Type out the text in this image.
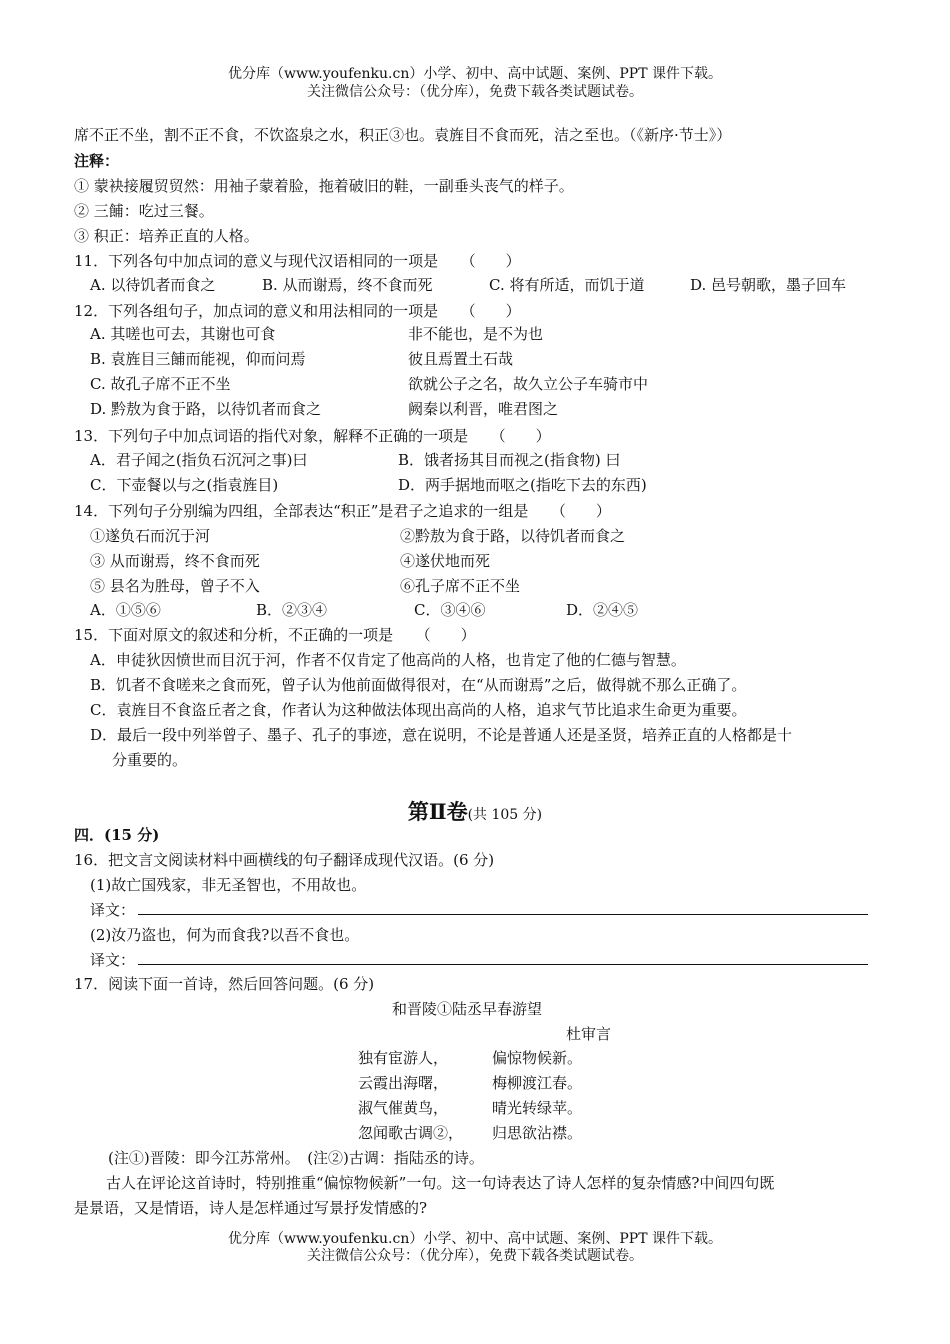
优分库（www.youfenku.cn）小学、初中、高中试题、案例、PPT 课件下载。
关注微信公众号：（优分库），免费下载各类试题试卷。
席不正不坐，割不正不食，不饮盗泉之水，积正③也。袁旌目不食而死，洁之至也。（《新序·节士》）
注释：
① 蒙袂接履贸贸然：用袖子蒙着脸，拖着破旧的鞋，一副垂头丧气的样子。
② 三餔：吃过三餐。
③ 积正：培养正直的人格。
11．下列各句中加点词的意义与现代汉语相同的一项是　　（　　）
A. 以待饥者而食之	B. 从而谢焉，终不食而死	C. 将有所适，而饥于道	D. 邑号朝歌，墨子回车
12．下列各组句子，加点词的意义和用法相同的一项是　　（　　）
A. 其嗟也可去，其谢也可食	非不能也，是不为也
B. 袁旌目三餔而能视，仰而问焉	彼且焉置土石哉
C. 故孔子席不正不坐	欲就公子之名，故久立公子车骑市中
D. 黔敖为食于路，以待饥者而食之	阙秦以利晋，唯君图之
13．下列句子中加点词语的指代对象，解释不正确的一项是　　（　　）
A．君子闻之(指负石沉河之事)曰	B．饿者扬其目而视之(指食物) 曰
C．下壶餐以与之(指袁旌目)	D．两手据地而呕之(指吃下去的东西)
14．下列句子分别编为四组，全部表达“积正”是君子之追求的一组是　　（　　）
①遂负石而沉于河	②黔敖为食于路，以待饥者而食之
③ 从而谢焉，终不食而死	④遂伏地而死
⑤ 县名为胜母，曾子不入	⑥孔子席不正不坐
A．①⑤⑥	B．②③④	C．③④⑥	D．②④⑤
15．下面对原文的叙述和分析，不正确的一项是　　（　　）
A．申徒狄因愤世而目沉于河，作者不仅肯定了他高尚的人格，也肯定了他的仁德与智慧。
B．饥者不食嗟来之食而死，曾子认为他前面做得很对，在“从而谢焉”之后，做得就不那么正确了。
C．袁旌目不食盗丘者之食，作者认为这种做法体现出高尚的人格，追求气节比追求生命更为重要。
D．最后一段中列举曾子、墨子、孔子的事迹，意在说明，不论是普通人还是圣贤，培养正直的人格都是十
分重要的。
第Ⅱ卷(共 105 分)
四．(15 分)
16．把文言文阅读材料中画横线的句子翻译成现代汉语。(6 分)
(1)故亡国残家，非无圣智也，不用故也。
译文：
(2)汝乃盗也，何为而食我?以吾不食也。
译文：
17．阅读下面一首诗，然后回答问题。(6 分)
和晋陵①陆丞早春游望
杜审言
独有宦游人，	偏惊物候新。
云霞出海曙，	梅柳渡江春。
淑气催黄鸟，	晴光转绿苹。
忽闻歌古调②， 归思欲沾襟。
(注①)晋陵：即今江苏常州。　(注②)古调：指陆丞的诗。
古人在评论这首诗时，特别推重“偏惊物候新”一句。这一句诗表达了诗人怎样的复杂情感?中间四句既
是景语，又是情语，诗人是怎样通过写景抒发情感的?
优分库（www.youfenku.cn）小学、初中、高中试题、案例、PPT 课件下载。
关注微信公众号：（优分库），免费下载各类试题试卷。
